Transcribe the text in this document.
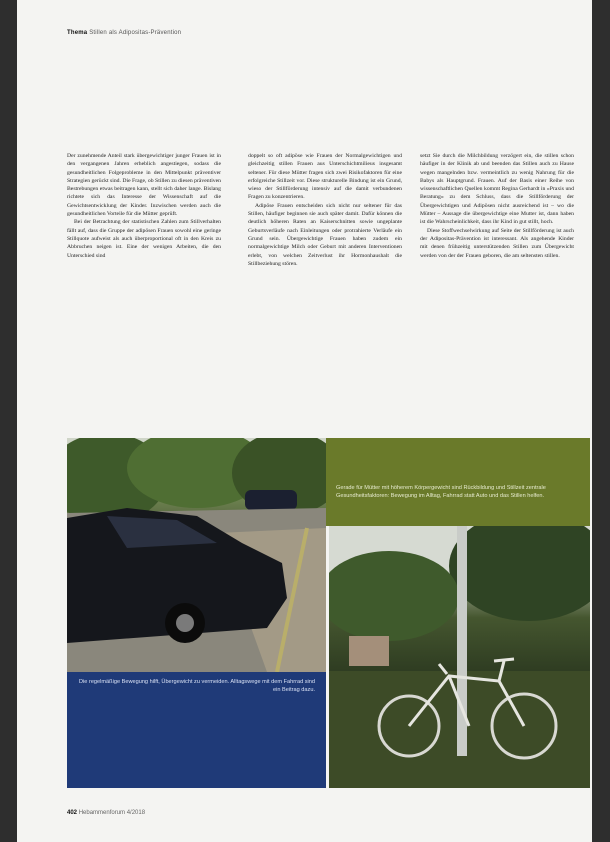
Thema Stillen als Adipositas-Prävention

Der zunehmende Anteil stark übergewichtiger junger Frauen ist in den vergangenen Jahren erheblich angestiegen, sodass die gesundheitlichen Folgeprobleme in den Mittelpunkt präventiver Strategien gerückt sind. Die Frage, ob Stillen zu diesen präventiven Bestrebungen etwas beitragen kann, stellt sich daher lange. Bislang richtete sich das Interesse der Wissenschaft auf die Gewichtsentwicklung der Kinder. Inzwischen werden auch die gesundheitlichen Vorteile für die Mütter geprüft.

Bei der Betrachtung der statistischen Zahlen zum Stillverhalten fällt auf, dass die Gruppe der adipösen Frauen sowohl eine geringe Stillquote aufweist als auch überproportional oft in den Kreis zu Abbruchen neigen ist. Eine der wenigen Arbeiten, die den Unterschied sind

doppelt so oft adipöse wie Frauen der Normalgewichtigen und gleichzeitig stillen Frauen aus Unterschichtmilieus insgesamt seltener. Für diese Mütter fragen sich zwei Risikofaktoren für eine erfolgreiche Stillzeit vor. Diese strukturelle Bindung ist ein Grund, wieso der Stillförderung intensiv auf die damit verbundenen Fragen zu konzentrieren.

Adipöse Frauen entscheiden sich nicht nur seltener für das Stillen, häufiger beginnen sie auch später damit. Dafür können die deutlich höheren Raten an Kaiserschnitten sowie ungeplante Geburtsverläufe nach Einleitungen oder protrahierte Verläufe ein Grund sein. Übergewichtige Frauen haben zudem ein normalgewichtige Milch oder Geburt mit anderen Interventionen erlebt, von welchen Zeitverlust ihr Hormonhaushalt die Stillbeziehung stören.

setzt Sie durch die Milchbildung verzögert ein, die stillen schon häufiger in der Klinik ab und beenden das Stillen auch zu Hause wegen mangelnden bzw. vermeintlich zu wenig Nahrung für die Babys als Hauptgrund. Frauen. Auf der Basis einer Reihe von wissenschaftlichen Quellen kommt Regina Gerhardt in »Praxis und Beratung« zu dem Schluss, dass die Stillförderung der Übergewichtigen und Adipösen nicht ausreichend ist – wo die Mütter – Aussage die übergewichtige eine Mutter ist, dann haben ist die Wahrscheinlichkeit, dass ihr Kind in gut stillt, hoch.

Diese Stoffwechselwirkung auf Seite der Stillförderung ist auch der Adipositas-Prävention ist interessant. Als angehende Kinder mit denen frühzeitig unterstützenden Stillen zum Übergewicht werden von der der Frauen geboren, die am seltensten stillen.

Die regelmäßige Bewegung hilft, Übergewicht zu vermeiden. Alltagswege mit dem Fahrrad sind ein Beitrag dazu.
Gerade für Mütter mit höherem Körpergewicht sind Rückbildung und Stillzeit zentrale Gesundheitsfaktoren: Bewegung im Alltag, Fahrrad statt Auto und das Stillen helfen.
402 Hebammenforum 4/2018
